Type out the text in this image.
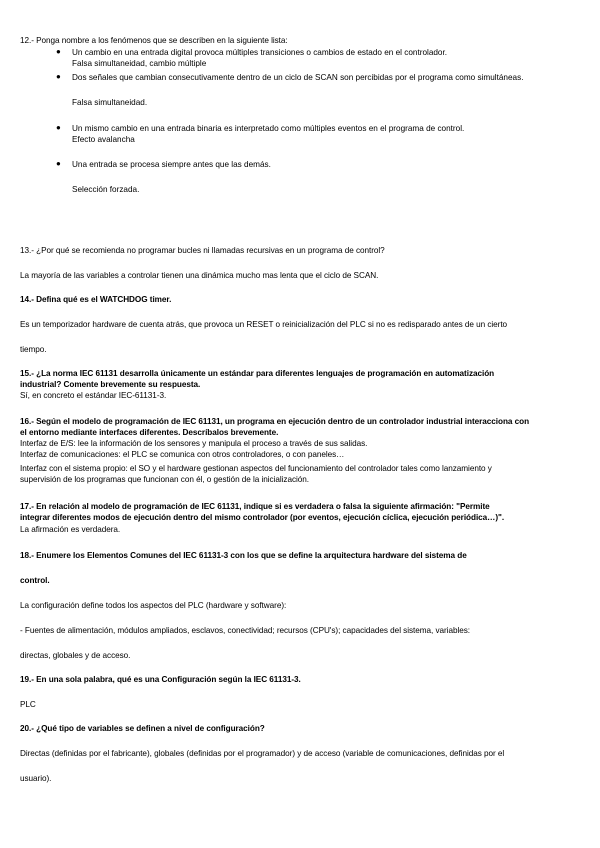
12.- Ponga nombre a los fenómenos que se describen en la siguiente lista:
● Un cambio en una entrada digital provoca múltiples transiciones o cambios de estado en el controlador.
Falsa simultaneidad, cambio múltiple
● Dos señales que cambian consecutivamente dentro de un ciclo de SCAN son percibidas por el programa como simultáneas.
Falsa simultaneidad.
● Un mismo cambio en una entrada binaria es interpretado como múltiples eventos en el programa de control.
Efecto avalancha
● Una entrada se procesa siempre antes que las demás.
Selección forzada.
13.- ¿Por qué se recomienda no programar bucles ni llamadas recursivas en un programa de control?
La mayoría de las variables a controlar tienen una dinámica mucho mas lenta que el ciclo de SCAN.
14.- Defina qué es el WATCHDOG timer.
Es un temporizador hardware de cuenta atrás, que provoca un RESET o reinicialización del PLC si no es redisparado antes de un cierto
tiempo.
15.- ¿La norma IEC 61131 desarrolla únicamente un estándar para diferentes lenguajes de programación en automatización
industrial? Comente brevemente su respuesta.
Sí, en concreto el estándar IEC-61131-3.
16.- Según el modelo de programación de IEC 61131, un programa en ejecución dentro de un controlador industrial interacciona con
el entorno mediante interfaces diferentes. Descríbalos brevemente.
Interfaz de E/S: lee la información de los sensores y manipula el proceso a través de sus salidas.
Interfaz de comunicaciones: el PLC se comunica con otros controladores, o con paneles…
Interfaz con el sistema propio: el SO y el hardware gestionan aspectos del funcionamiento del controlador tales como lanzamiento y
supervisión de los programas que funcionan con él, o gestión de la inicialización.
17.- En relación al modelo de programación de IEC 61131, indique si es verdadera o falsa la siguiente afirmación: "Permite
integrar diferentes modos de ejecución dentro del mismo controlador (por eventos, ejecución cíclica, ejecución periódica…)".
La afirmación es verdadera.
18.- Enumere los Elementos Comunes del IEC 61131-3 con los que se define la arquitectura hardware del sistema de
control.
La configuración define todos los aspectos del PLC (hardware y software):
- Fuentes de alimentación, módulos ampliados, esclavos, conectividad; recursos (CPU's); capacidades del sistema, variables:
directas, globales y de acceso.
19.- En una sola palabra, qué es una Configuración según la IEC 61131-3.
PLC
20.- ¿Qué tipo de variables se definen a nivel de configuración?
Directas (definidas por el fabricante), globales (definidas por el programador) y de acceso (variable de comunicaciones, definidas por el
usuario).
